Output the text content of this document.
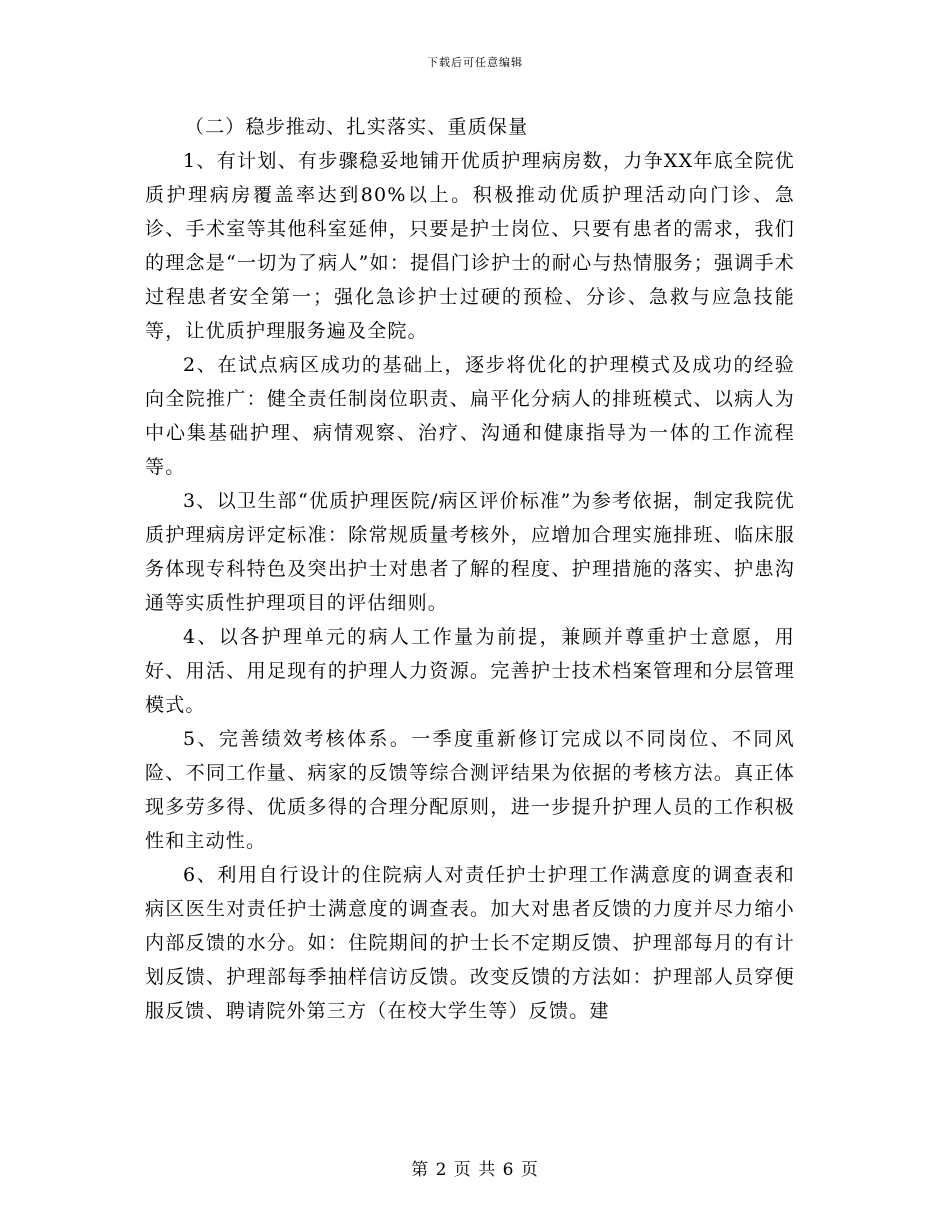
下载后可任意编辑

（二）稳步推动、扎实落实、重质保量

1、有计划、有步骤稳妥地铺开优质护理病房数，力争XX年底全院优质护理病房覆盖率达到80%以上。积极推动优质护理活动向门诊、急诊、手术室等其他科室延伸，只要是护士岗位、只要有患者的需求，我们的理念是“一切为了病人”如：提倡门诊护士的耐心与热情服务；强调手术过程患者安全第一；强化急诊护士过硬的预检、分诊、急救与应急技能等，让优质护理服务遍及全院。

2、在试点病区成功的基础上，逐步将优化的护理模式及成功的经验向全院推广：健全责任制岗位职责、扁平化分病人的排班模式、以病人为中心集基础护理、病情观察、治疗、沟通和健康指导为一体的工作流程等。

3、以卫生部“优质护理医院/病区评价标准”为参考依据，制定我院优质护理病房评定标准：除常规质量考核外，应增加合理实施排班、临床服务体现专科特色及突出护士对患者了解的程度、护理措施的落实、护患沟通等实质性护理项目的评估细则。

4、以各护理单元的病人工作量为前提，兼顾并尊重护士意愿，用好、用活、用足现有的护理人力资源。完善护士技术档案管理和分层管理模式。

5、完善绩效考核体系。一季度重新修订完成以不同岗位、不同风险、不同工作量、病家的反馈等综合测评结果为依据的考核方法。真正体现多劳多得、优质多得的合理分配原则，进一步提升护理人员的工作积极性和主动性。

6、利用自行设计的住院病人对责任护士护理工作满意度的调查表和病区医生对责任护士满意度的调查表。加大对患者反馈的力度并尽力缩小内部反馈的水分。如：住院期间的护士长不定期反馈、护理部每月的有计划反馈、护理部每季抽样信访反馈。改变反馈的方法如：护理部人员穿便服反馈、聘请院外第三方（在校大学生等）反馈。建

第 2 页 共 6 页
